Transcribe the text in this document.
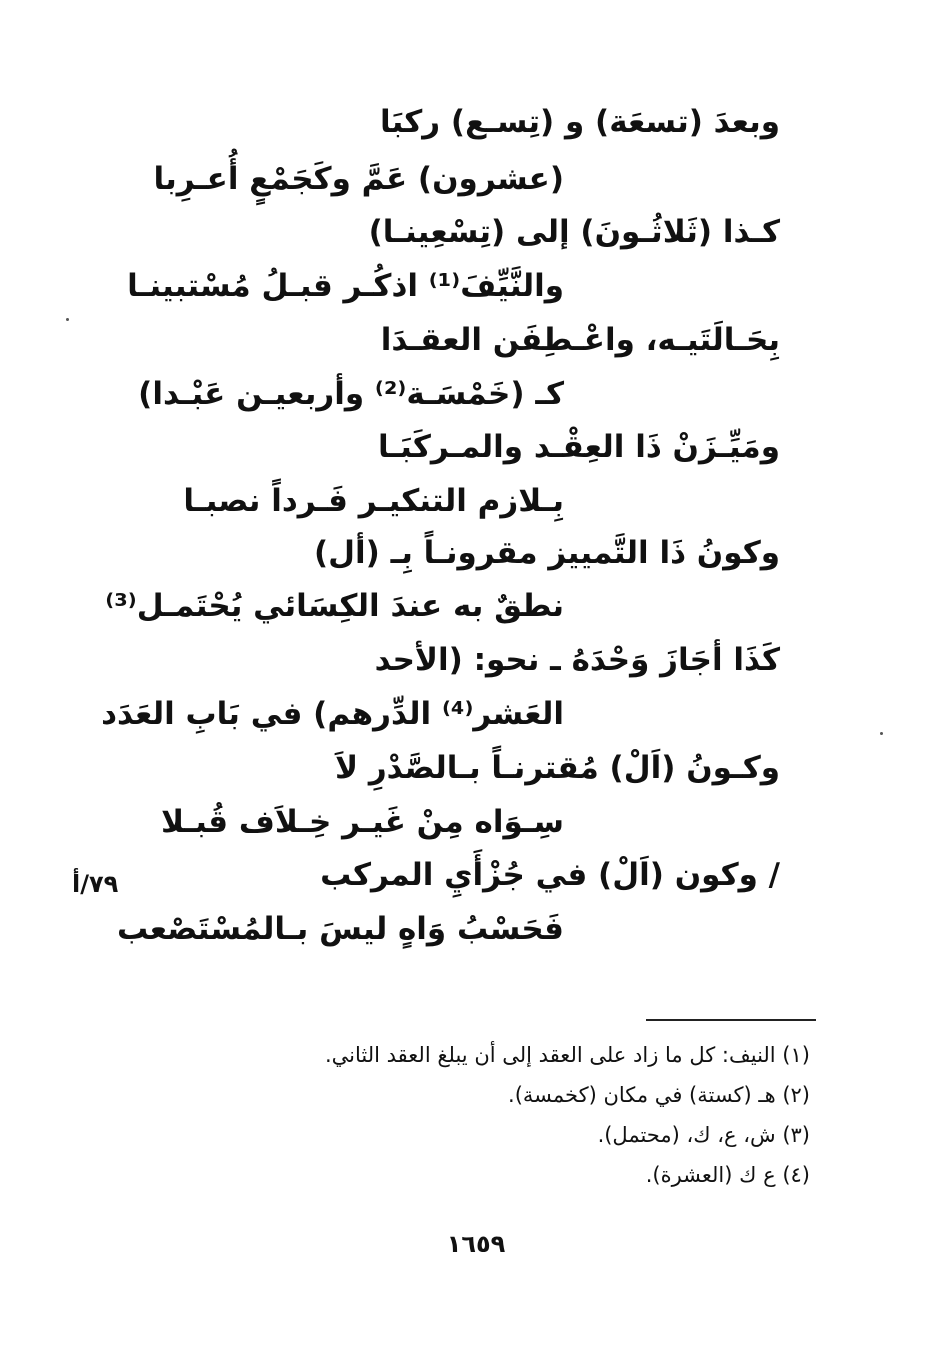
وبعدَ (تسعَة) و (تِسـع) ركبَا
(عشرون) عَمَّ وكَجَمْعٍ أُعـرِبا
كـذا (ثَلاثُـونَ) إلى (تِسْعِينـا)
والنَّيِّفَ⁽¹⁾ اذكُـر قبـلُ مُسْتبينـا
بِحَـالَتَيـه، واعْـطِفَن العقـدَا
كـ (خَمْسَـة⁽²⁾ وأربعيـن عَبْـدا)
ومَيِّـزَنْ ذَا العِقْـد والمـركَبَـا
بِـلازم التنكيـر فَـرداً نصبـا
وكونُ ذَا التَّمييز مقرونـاً بِـ (أل)
نطقٌ به عندَ الكِسَائي يُحْتَمـل⁽³⁾
كَذَا أجَازَ وَحْدَهُ ـ نحو: (الأحد
العَشر⁽⁴⁾ الدِّرهم) في بَابِ العَدَد
وكـونُ (اَلْ) مُقترنـاً بـالصَّدْرِ لاَ
سِـوَاه مِنْ غَيـر خِـلاَف قُبـلا
/ وكون (اَلْ) في جُزْأَيِ المركب
فَحَسْبُ وَاهٍ ليسَ بـالمُسْتَصْعب
٧٩/أ
(١) النيف: كل ما زاد على العقد إلى أن يبلغ العقد الثاني.
(٢) هـ (كستة) في مكان (كخمسة).
(٣) ش، ع، ك، (محتمل).
(٤) ع ك (العشرة).
١٦٥٩
